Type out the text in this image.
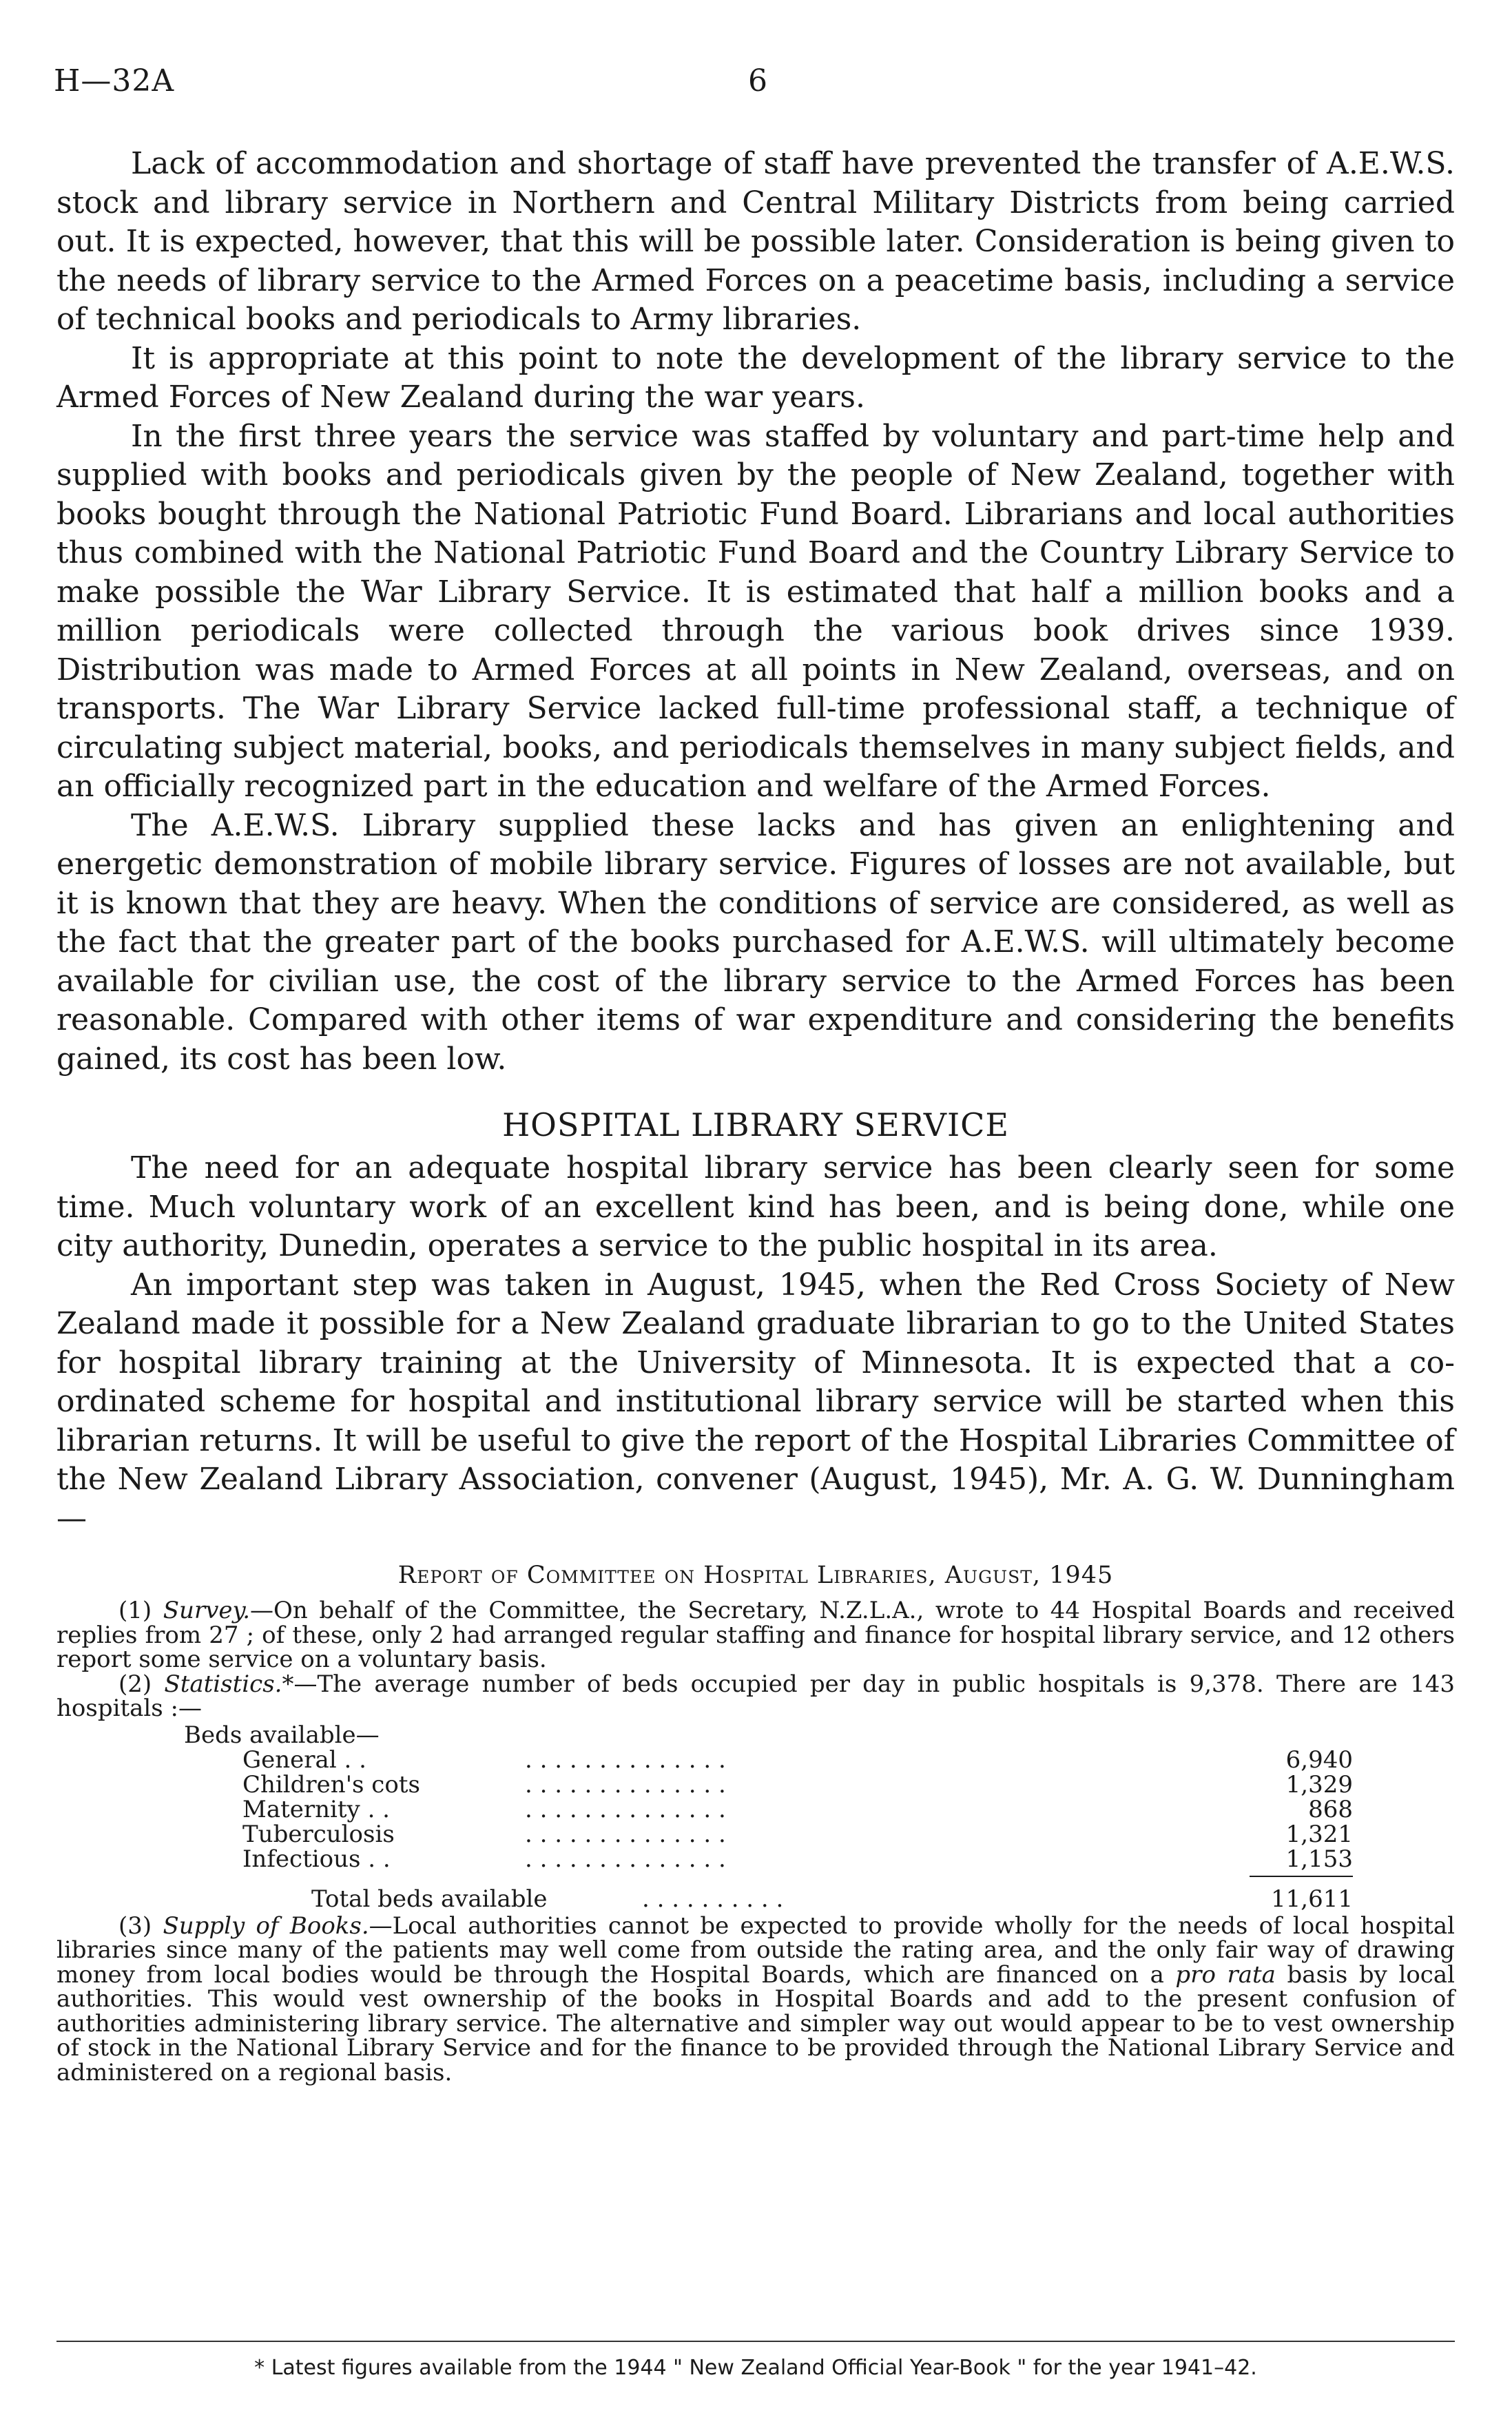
H—32A	6

Lack of accommodation and shortage of staff have prevented the transfer of A.E.W.S. stock and library service in Northern and Central Military Districts from being carried out. It is expected, however, that this will be possible later. Consideration is being given to the needs of library service to the Armed Forces on a peacetime basis, including a service of technical books and periodicals to Army libraries.

It is appropriate at this point to note the development of the library service to the Armed Forces of New Zealand during the war years.

In the first three years the service was staffed by voluntary and part-time help and supplied with books and periodicals given by the people of New Zealand, together with books bought through the National Patriotic Fund Board. Librarians and local authorities thus combined with the National Patriotic Fund Board and the Country Library Service to make possible the War Library Service. It is estimated that half a million books and a million periodicals were collected through the various book drives since 1939. Distribution was made to Armed Forces at all points in New Zealand, overseas, and on transports. The War Library Service lacked full-time professional staff, a technique of circulating subject material, books, and periodicals themselves in many subject fields, and an officially recognized part in the education and welfare of the Armed Forces.

The A.E.W.S. Library supplied these lacks and has given an enlightening and energetic demonstration of mobile library service. Figures of losses are not available, but it is known that they are heavy. When the conditions of service are considered, as well as the fact that the greater part of the books purchased for A.E.W.S. will ultimately become available for civilian use, the cost of the library service to the Armed Forces has been reasonable. Compared with other items of war expenditure and considering the benefits gained, its cost has been low.

HOSPITAL LIBRARY SERVICE

The need for an adequate hospital library service has been clearly seen for some time. Much voluntary work of an excellent kind has been, and is being done, while one city authority, Dunedin, operates a service to the public hospital in its area.

An important step was taken in August, 1945, when the Red Cross Society of New Zealand made it possible for a New Zealand graduate librarian to go to the United States for hospital library training at the University of Minnesota. It is expected that a co-ordinated scheme for hospital and institutional library service will be started when this librarian returns. It will be useful to give the report of the Hospital Libraries Committee of the New Zealand Library Association, convener (August, 1945), Mr. A. G. W. Dunningham —

Report of Committee on Hospital Libraries, August, 1945

(1) Survey.—On behalf of the Committee, the Secretary, N.Z.L.A., wrote to 44 Hospital Boards and received replies from 27 ; of these, only 2 had arranged regular staffing and finance for hospital library service, and 12 others report some service on a voluntary basis.

(2) Statistics.*—The average number of beds occupied per day in public hospitals is 9,378. There are 143 hospitals :—

Beds available—
General . .	. . . . . . . . . . . . . .	6,940
Children's cots	. . . . . . . . . . . . . .	1,329
Maternity . .	. . . . . . . . . . . . . .	868
Tuberculosis	. . . . . . . . . . . . . .	1,321
Infectious . .	. . . . . . . . . . . . . .	1,153
Total beds available	. . . . . . . . . .	11,611

(3) Supply of Books.—Local authorities cannot be expected to provide wholly for the needs of local hospital libraries since many of the patients may well come from outside the rating area, and the only fair way of drawing money from local bodies would be through the Hospital Boards, which are financed on a pro rata basis by local authorities. This would vest ownership of the books in Hospital Boards and add to the present confusion of authorities administering library service. The alternative and simpler way out would appear to be to vest ownership of stock in the National Library Service and for the finance to be provided through the National Library Service and administered on a regional basis.

* Latest figures available from the 1944 " New Zealand Official Year-Book " for the year 1941–42.
